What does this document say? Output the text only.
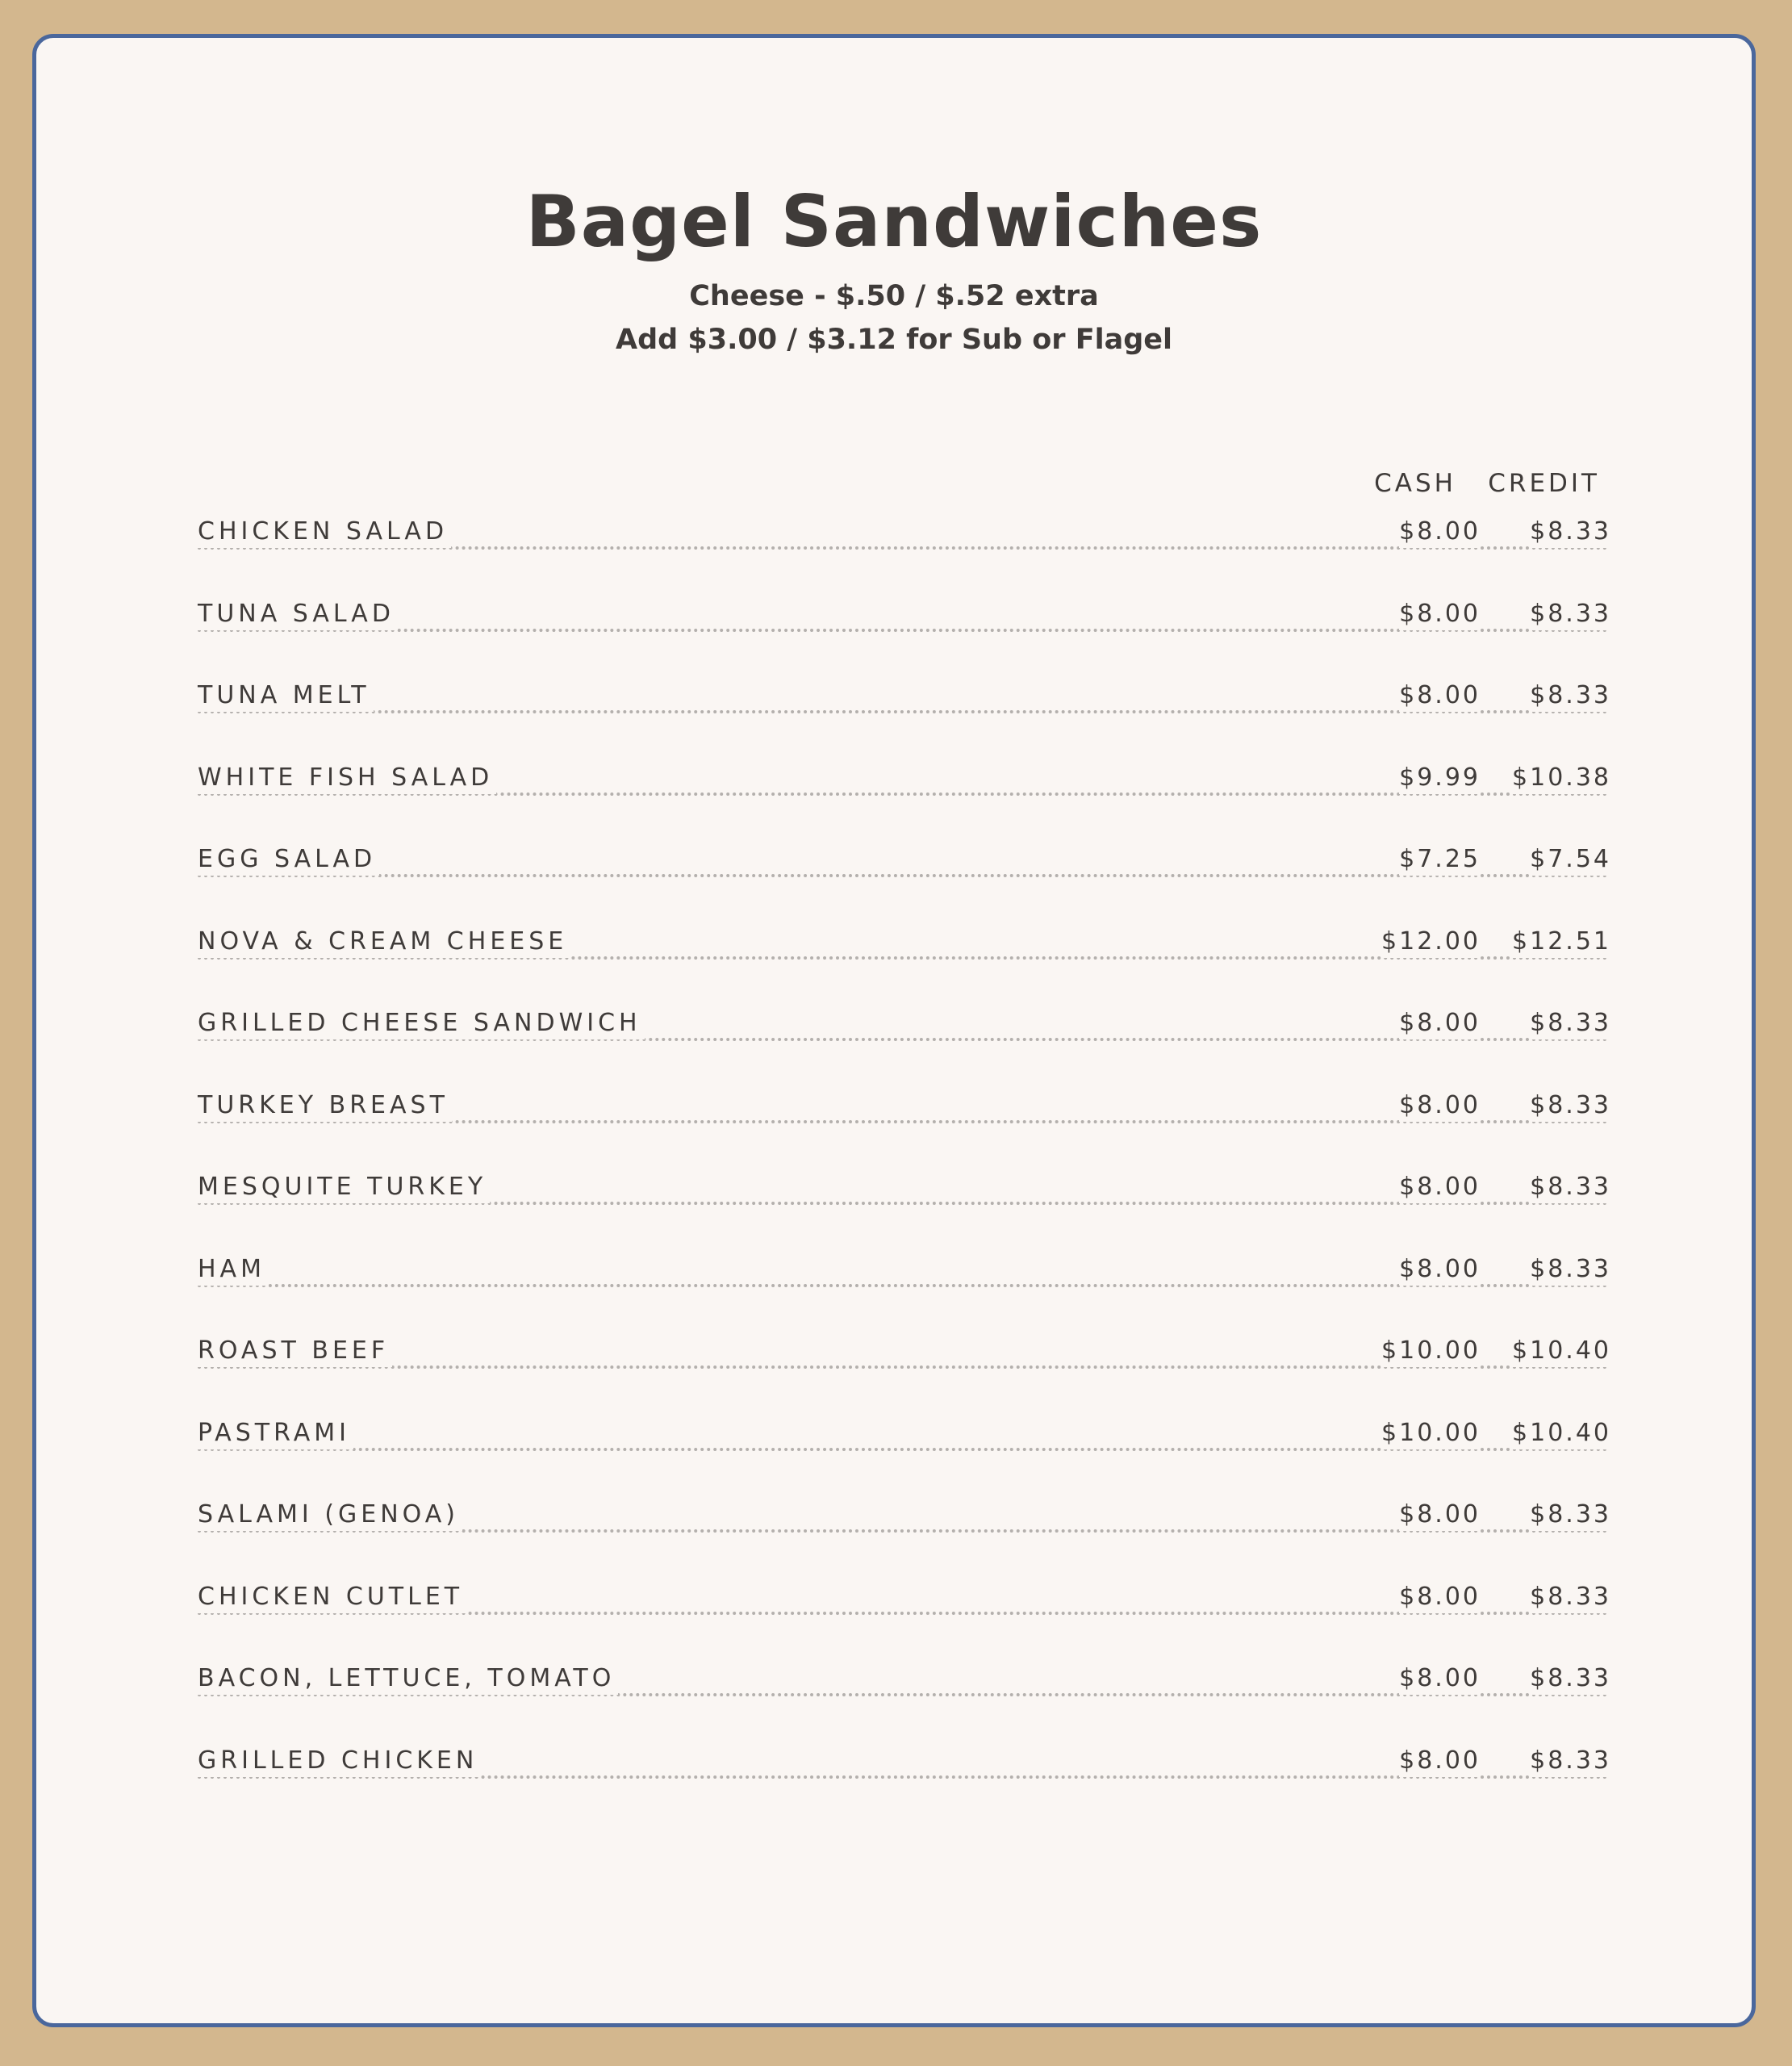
Bagel Sandwiches
Cheese - $.50 / $.52 extra
Add $3.00 / $3.12 for Sub or Flagel
CASH CREDIT
CHICKEN SALAD	$8.00 $8.33
TUNA SALAD	$8.00 $8.33
TUNA MELT	$8.00 $8.33
WHITE FISH SALAD	$9.99 $10.38
EGG SALAD	$7.25 $7.54
NOVA & CREAM CHEESE	$12.00 $12.51
GRILLED CHEESE SANDWICH	$8.00 $8.33
TURKEY BREAST	$8.00 $8.33
MESQUITE TURKEY	$8.00 $8.33
HAM	$8.00 $8.33
ROAST BEEF	$10.00 $10.40
PASTRAMI	$10.00 $10.40
SALAMI (GENOA)	$8.00 $8.33
CHICKEN CUTLET	$8.00 $8.33
BACON, LETTUCE, TOMATO	$8.00 $8.33
GRILLED CHICKEN	$8.00 $8.33
